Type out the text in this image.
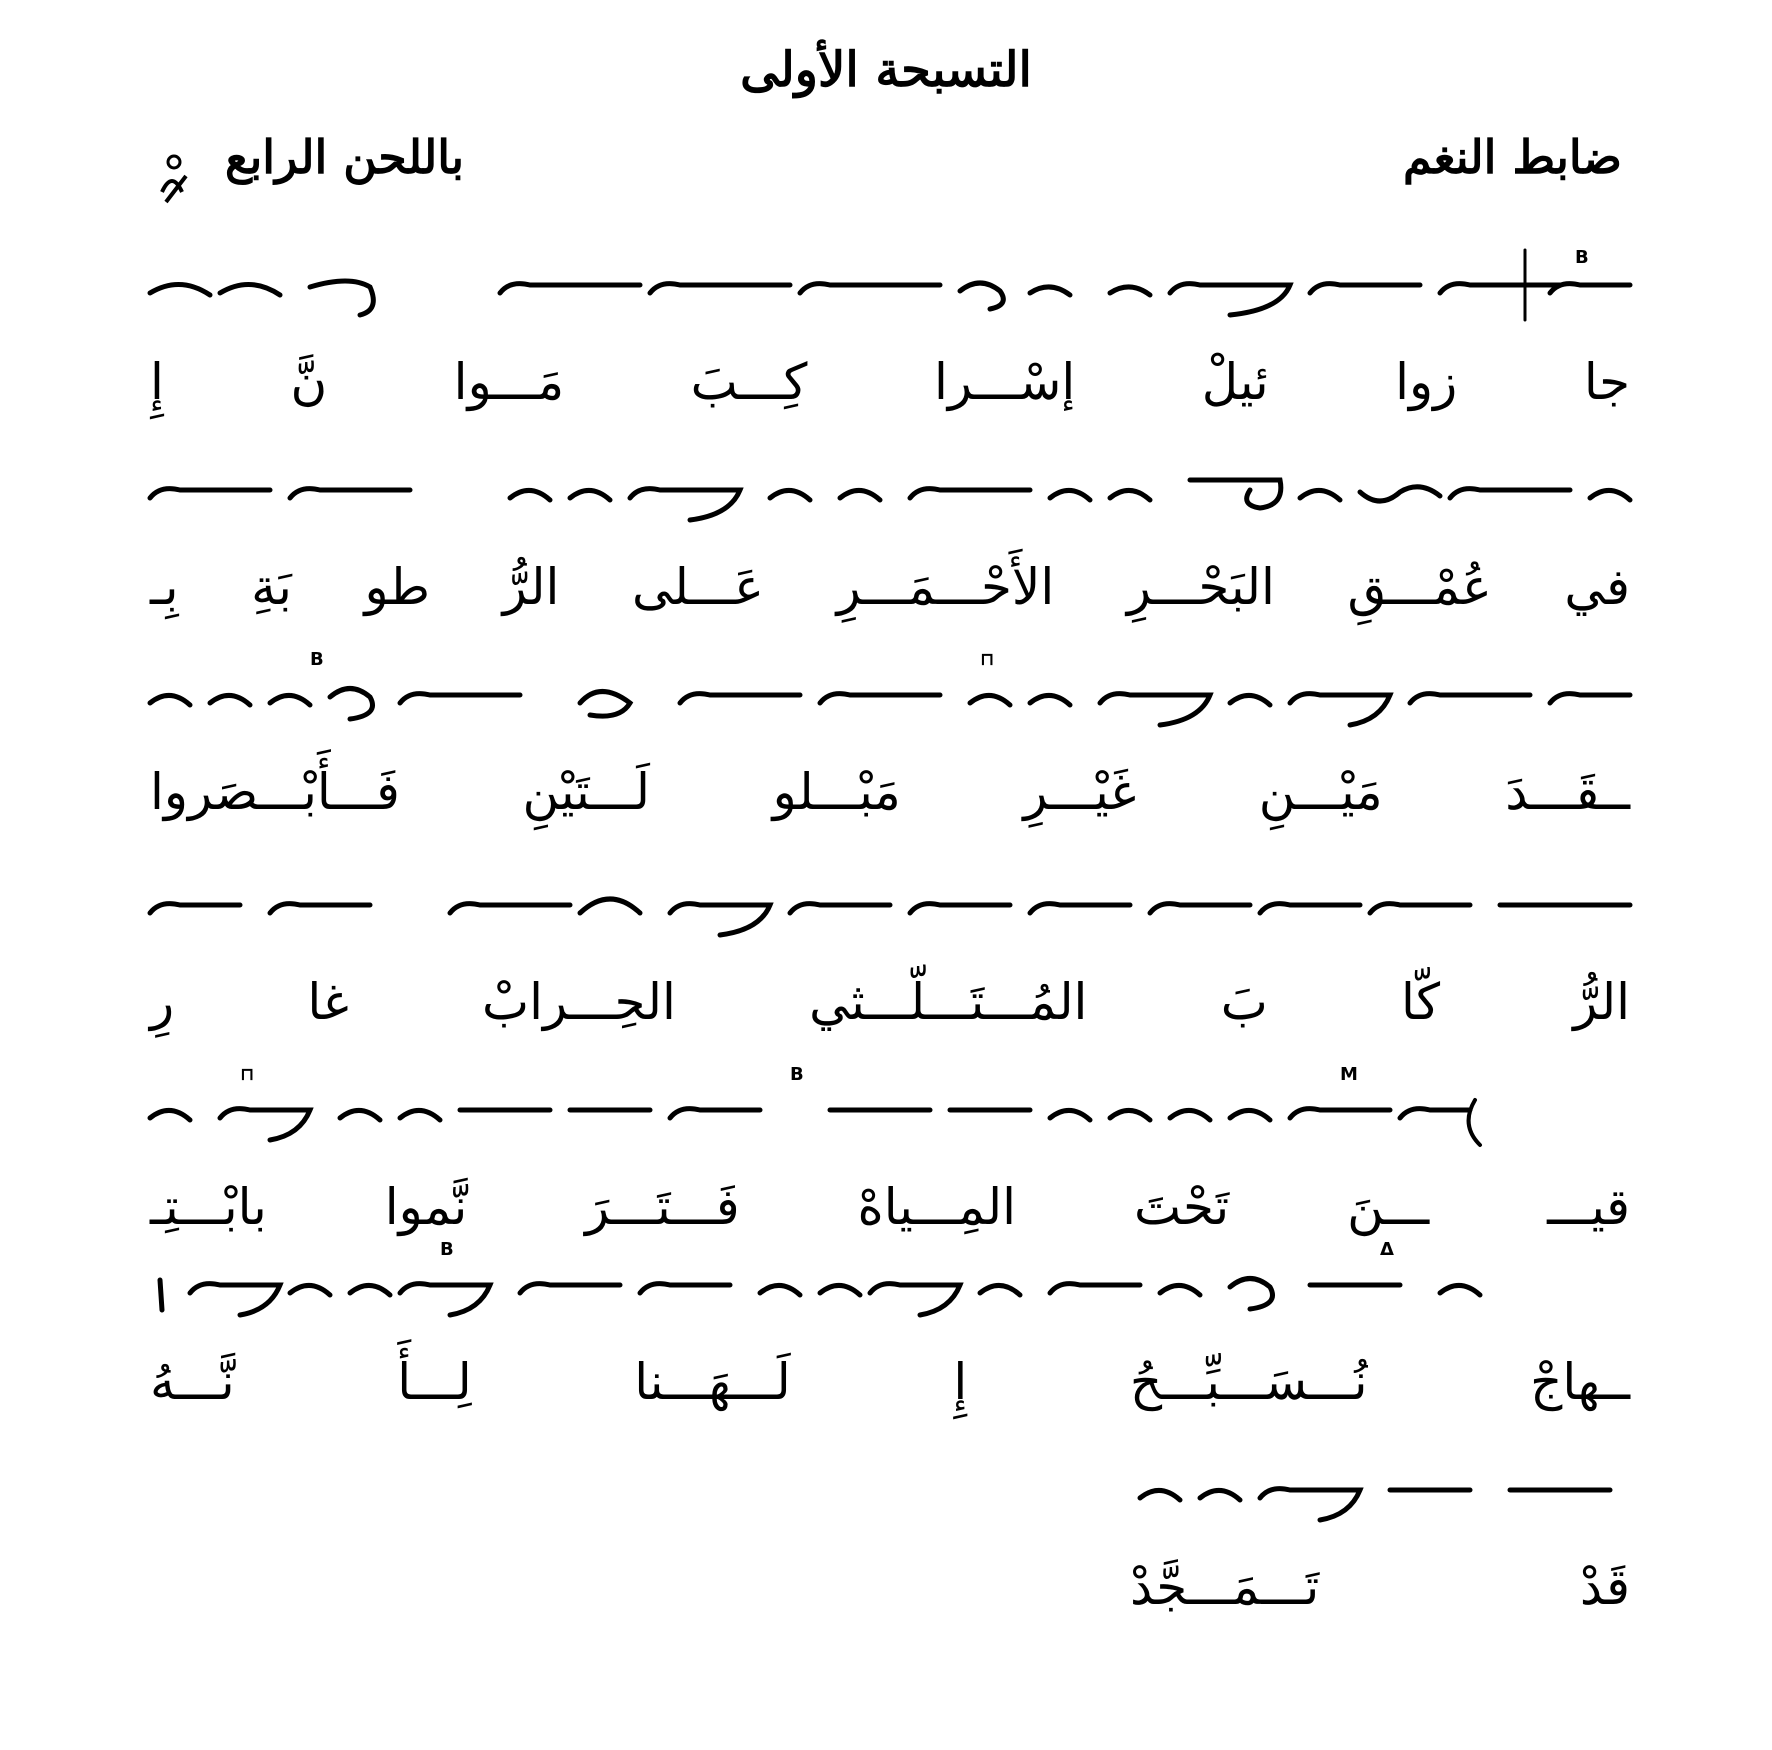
التسبحة الأولى
ضابط النغم
باللحن الرابع
B
جا
زوا
ئيلْ
إسْـــرا
كِـــبَ
مَـــوا
نَّ
إِ
في
عُمْـــقِ
البَحْـــرِ
الأَحْـــمَـــرِ
عَـــلى
الرُّ
طو
بَةِ
بِـ
⊓
B
ــقَـــدَ
مَيْـــنِ
غَيْـــرِ
مَبْـــلو
لَـــتَيْنِ
فَـــأَبْـــصَروا
الرُّ
كّا
بَ
المُـــتَـــلّـــثي
الحِـــرابْ
غا
رِ
M
B
⊓
قيـــ
ـــنَ
تَحْتَ
المِـــياهْ
فَـــتَـــرَ
نَّموا
بابْـــتِـ
Δ
B
ــهاجْ
نُـــسَـــبِّـــحُ
إِ
لَـــهَـــنا
لِـــأَ
نَّـــهُ
قَدْ
تَـــمَـــجَّدْ
